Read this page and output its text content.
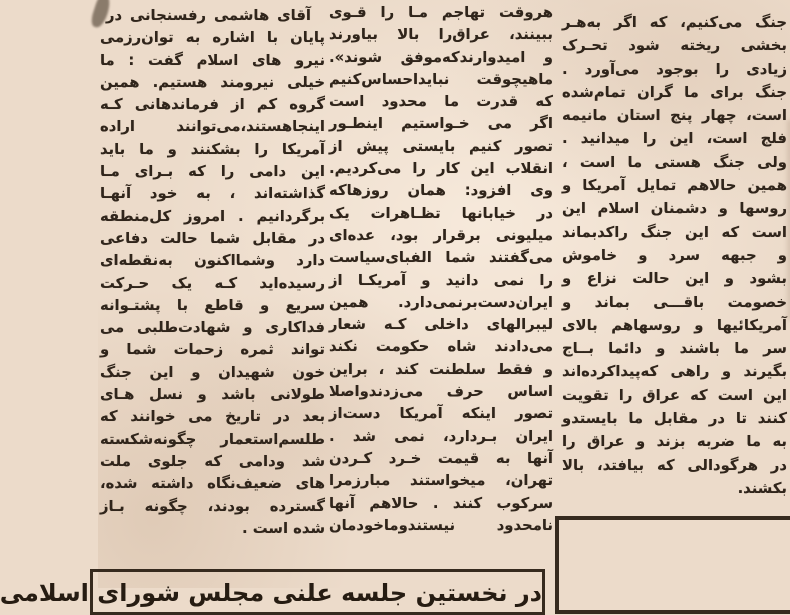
جنگ می‌کنیم، که اگر به‌هـر
بخشی ریخته شود تحـرک
زیادی را بوجود می‌آورد .
جنگ برای ما گران تمام‌شده
است، چهار پنج استان مانیمه
فلج است، این را میدانید .
ولی جنگ هستی ما است ،
همین حالاهم تمایل آمریکا و
روسها و دشمنان اسلام این
است که این جنگ راکدبماند
و جبهه سرد و خاموش
بشود و این حالت نزاع و
خصومت باقـــی بماند و
آمریکائیها و روسهاهم بالای
سر ما باشند و دائما بــاج
بگیرند و راهی که‌پیداکرده‌اند
این است که عراق را تقویت
کنند تا در مقابل ما بایستدو
به ما ضربه بزند و عراق را
در هرگودالی که بیافتد، بالا
بکشند.
هروقت تهاجم مـا را قـوی
ببینند، عراق‌را بالا بیاورند
و امیدوارندکه‌موفق شوند».
ماهیچوقت نبایداحساس‌کنیم
که قدرت ما محدود است
اگر می خـواستیم اینطـور
تصور کنیم بایستی پیش از
انقلاب این کار را می‌کردیم.
وی افزود: همان روزهاکه
در خیابانها تظـاهرات یک
میلیونی برقرار بود، عده‌ای
می‌گفتند شما الفبای‌سیاست
را نمی دانید و آمریکـا از
ایران‌دست‌برنمی‌دارد. همین
لیبرالهای داخلی کـه شعار
می‌دادند شاه حکومت نکند
و فقط سلطنت کند ، براین
اساس حرف می‌زدندواصلا
تصور اینکه آمریکا دست‌از
ایران بـردارد، نمی شد .
آنها به قیمت خـرد کـردن
تهران، میخواستند مبارزمرا
سرکوب کنند . حالاهم آنها
نامحدود نیستندوماخودمان
آقای هاشمی رفسنجانی در
پایان با اشاره به توان‌رزمی
نیرو های اسلام گفت : ما
خیلی نیرومند هستیم. همین
گروه کم از فرماندهانی کـه
اینجاهستند،می‌توانند اراده
آمریکا را بشکنند و ما باید
این دامی را که بـرای مـا
گذاشته‌اند ، به خود آنهـا
برگردانیم . امروز کل‌منطقه
در مقابل شما حالت دفاعی
دارد وشمااکنون به‌نقطه‌ای
رسیده‌اید کـه یک حـرکت
سریع و قاطع با پشتـوانه
فداکاری و شهادت‌طلبی می
تواند ثمره زحمات شما و
خون شهیدان و این جنگ
طولانی باشد و نسل هـای
بعد در تاریخ می خوانند که
طلسم‌استعمار چگونه‌شکسته
شد ودامی که جلوی ملت
های ضعیف‌نگاه داشته شده،
گسترده بودند، چگونه بـاز
شده است .
در نخستین جلسه علنی مجلس شورای اسلامی
